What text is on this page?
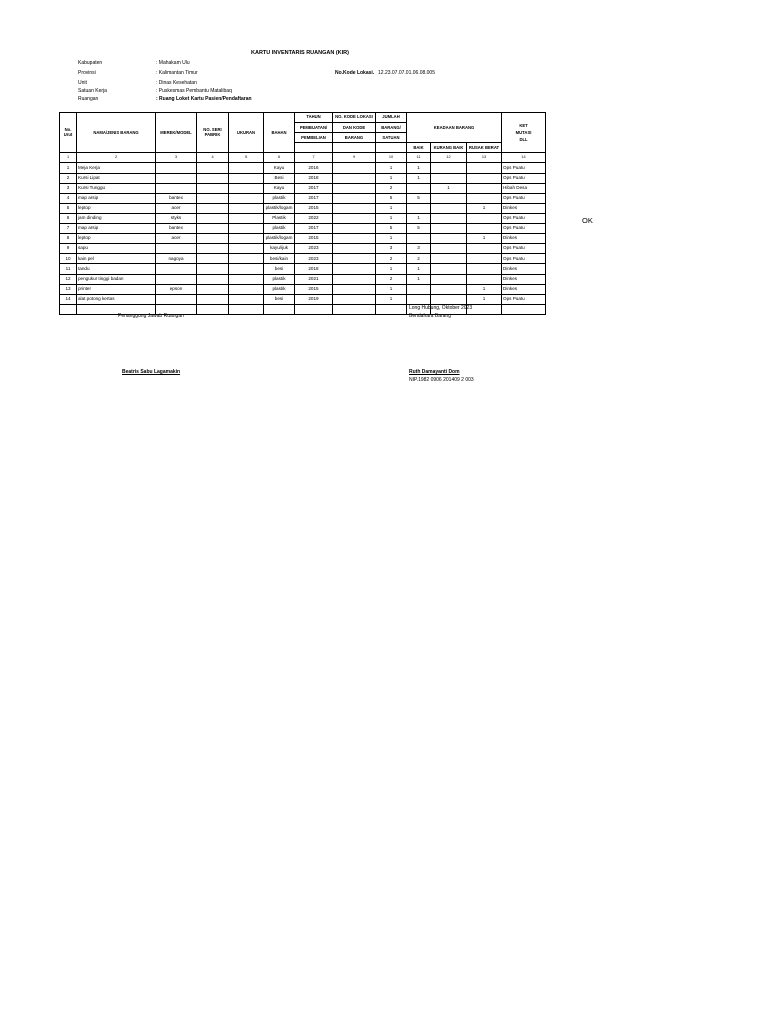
KARTU INVENTARIS RUANGAN (KIR)
Kabupaten	: Mahakam Ulu
Provinsi	: Kalimantan Timur	No.Kode Lokasi. 12.23.07.07.01.06.08.005
Unit	: Dinas Kesehatan
Satuan Kerja	: Puskesmas Pembantu Matalibaq
Ruangan	: Ruang Loket Kartu Pasien/Pendaftaran
No. Urut	NAMA/JENIS BARANG	MEREK/MODEL	NO. SERI PABRIK	UKURAN	BAHAN	TAHUN	NO. KODE LOKASI	JUMLAH	KEADAAN BARANG			KET
MUTASI
DLL

						PEMBUATAN/	DAN KODE	BARANG/				
						PEMBELIAN	BARANG	SATUAN				
									BAIK	KURANG BAIK	RUSAK BERAT	
1	2	3	4	5	6	7	9	10	11	12	13	14
1	Meja Kerja				Kayu	2016		1	1			Ops Puatu
2	Kursi Lipat				Besi	2018		1	1			Ops Puatu
3	Kursi Tunggu				Kayu	2017		2		1		Hibah Desa
4	map arsip	bantex			plastik	2017		5	5			Ops Puatu
5	leptop	acer			plastik/logam	2015		1			1	Dinkes
6	jam dinding	styks			Plastik	2022		1	1			Ops Puatu
7	map arsip	bantex			plastik	2017		5	5			Ops Puatu
8	leptop	acer			plastik/logam	2015		1			1	Dinkes
9	sapu				kayu/ijuk	2023		3	3			Ops Puatu
10	kain pel	nagoya			besi/kain	2023		2	2			Ops Puatu
11	tandu				besi	2018		1	1			Dinkes
12	pengukur tinggi badan				plastik	2021		2	1			Dinkes
13	printer	epson			plastik	2015		1			1	Dinkes
14	alat potong kertas				besi	2019		1			1	Ops Puatu

OK
Long Hubung, Oktober 2023
Penanggung Jawab Ruangan	Bendahara Barang
Beatris Sabu Lagamakin	Ruth Damayanti Dom
NIP.1982 0906 201409 2 003
